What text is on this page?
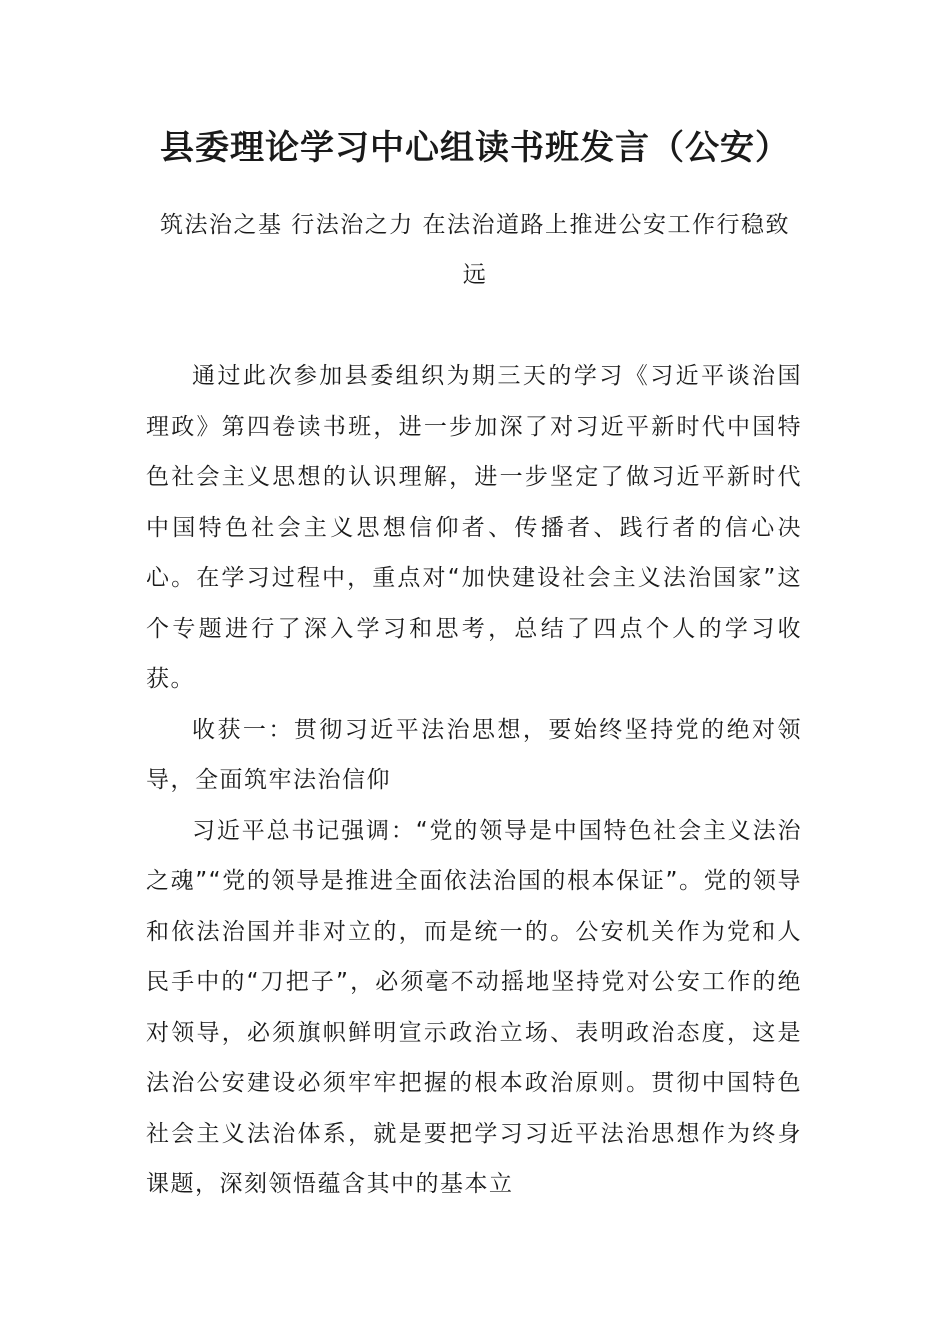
县委理论学习中心组读书班发言（公安）
筑法治之基 行法治之力 在法治道路上推进公安工作行稳致远

通过此次参加县委组织为期三天的学习《习近平谈治国理政》第四卷读书班，进一步加深了对习近平新时代中国特色社会主义思想的认识理解，进一步坚定了做习近平新时代中国特色社会主义思想信仰者、传播者、践行者的信心决心。在学习过程中，重点对“加快建设社会主义法治国家”这个专题进行了深入学习和思考，总结了四点个人的学习收获。

收获一：贯彻习近平法治思想，要始终坚持党的绝对领导，全面筑牢法治信仰

习近平总书记强调：“党的领导是中国特色社会主义法治之魂”“党的领导是推进全面依法治国的根本保证”。党的领导和依法治国并非对立的，而是统一的。公安机关作为党和人民手中的“刀把子”，必须毫不动摇地坚持党对公安工作的绝对领导，必须旗帜鲜明宣示政治立场、表明政治态度，这是法治公安建设必须牢牢把握的根本政治原则。贯彻中国特色社会主义法治体系，就是要把学习习近平法治思想作为终身课题，深刻领悟蕴含其中的基本立
